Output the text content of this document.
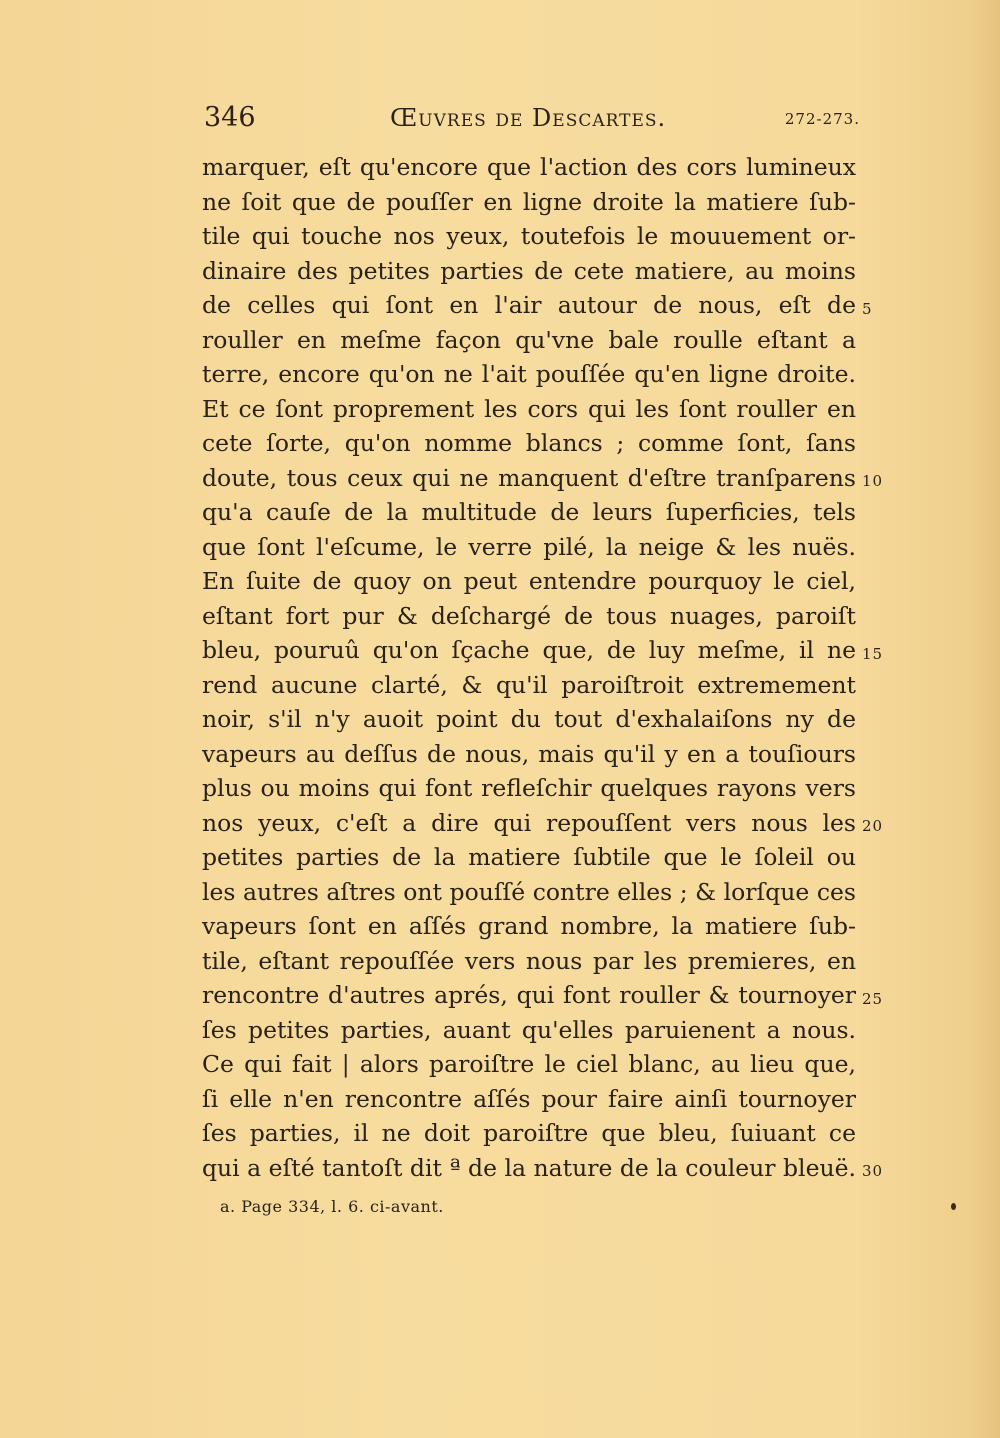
346	Œuvres de Descartes.	272-273.
marquer, eſt qu'encore que l'action des cors lumineux
ne ſoit que de pouſſer en ligne droite la matiere ſub-
tile qui touche nos yeux, toutefois le mouuement or-
dinaire des petites parties de cete matiere, au moins
de celles qui ſont en l'air autour de nous, eſt de
rouller en meſme façon qu'vne bale roulle eſtant a
terre, encore qu'on ne l'ait pouſſée qu'en ligne droite.
Et ce ſont proprement les cors qui les ſont rouller en
cete ſorte, qu'on nomme blancs ; comme ſont, ſans
doute, tous ceux qui ne manquent d'eſtre tranſparens
qu'a cauſe de la multitude de leurs ſuperficies, tels
que ſont l'eſcume, le verre pilé, la neige & les nuës.
En ſuite de quoy on peut entendre pourquoy le ciel,
eſtant fort pur & deſchargé de tous nuages, paroiſt
bleu, pouruû qu'on ſçache que, de luy meſme, il ne
rend aucune clarté, & qu'il paroiſtroit extremement
noir, s'il n'y auoit point du tout d'exhalaiſons ny de
vapeurs au deſſus de nous, mais qu'il y en a touſiours
plus ou moins qui font refleſchir quelques rayons vers
nos yeux, c'eſt a dire qui repouſſent vers nous les
petites parties de la matiere ſubtile que le ſoleil ou
les autres aſtres ont pouſſé contre elles ; & lorſque ces
vapeurs ſont en aſſés grand nombre, la matiere ſub-
tile, eſtant repouſſée vers nous par les premieres, en
rencontre d'autres aprés, qui font rouller & tournoyer
ſes petites parties, auant qu'elles paruienent a nous.
Ce qui fait | alors paroiſtre le ciel blanc, au lieu que,
ſi elle n'en rencontre aſſés pour faire ainſi tournoyer
ſes parties, il ne doit paroiſtre que bleu, ſuiuant ce
qui a eſté tantoſt dit ª de la nature de la couleur bleuë.
5
10
15
20
25
30
a. Page 334, l. 6. ci-avant.
